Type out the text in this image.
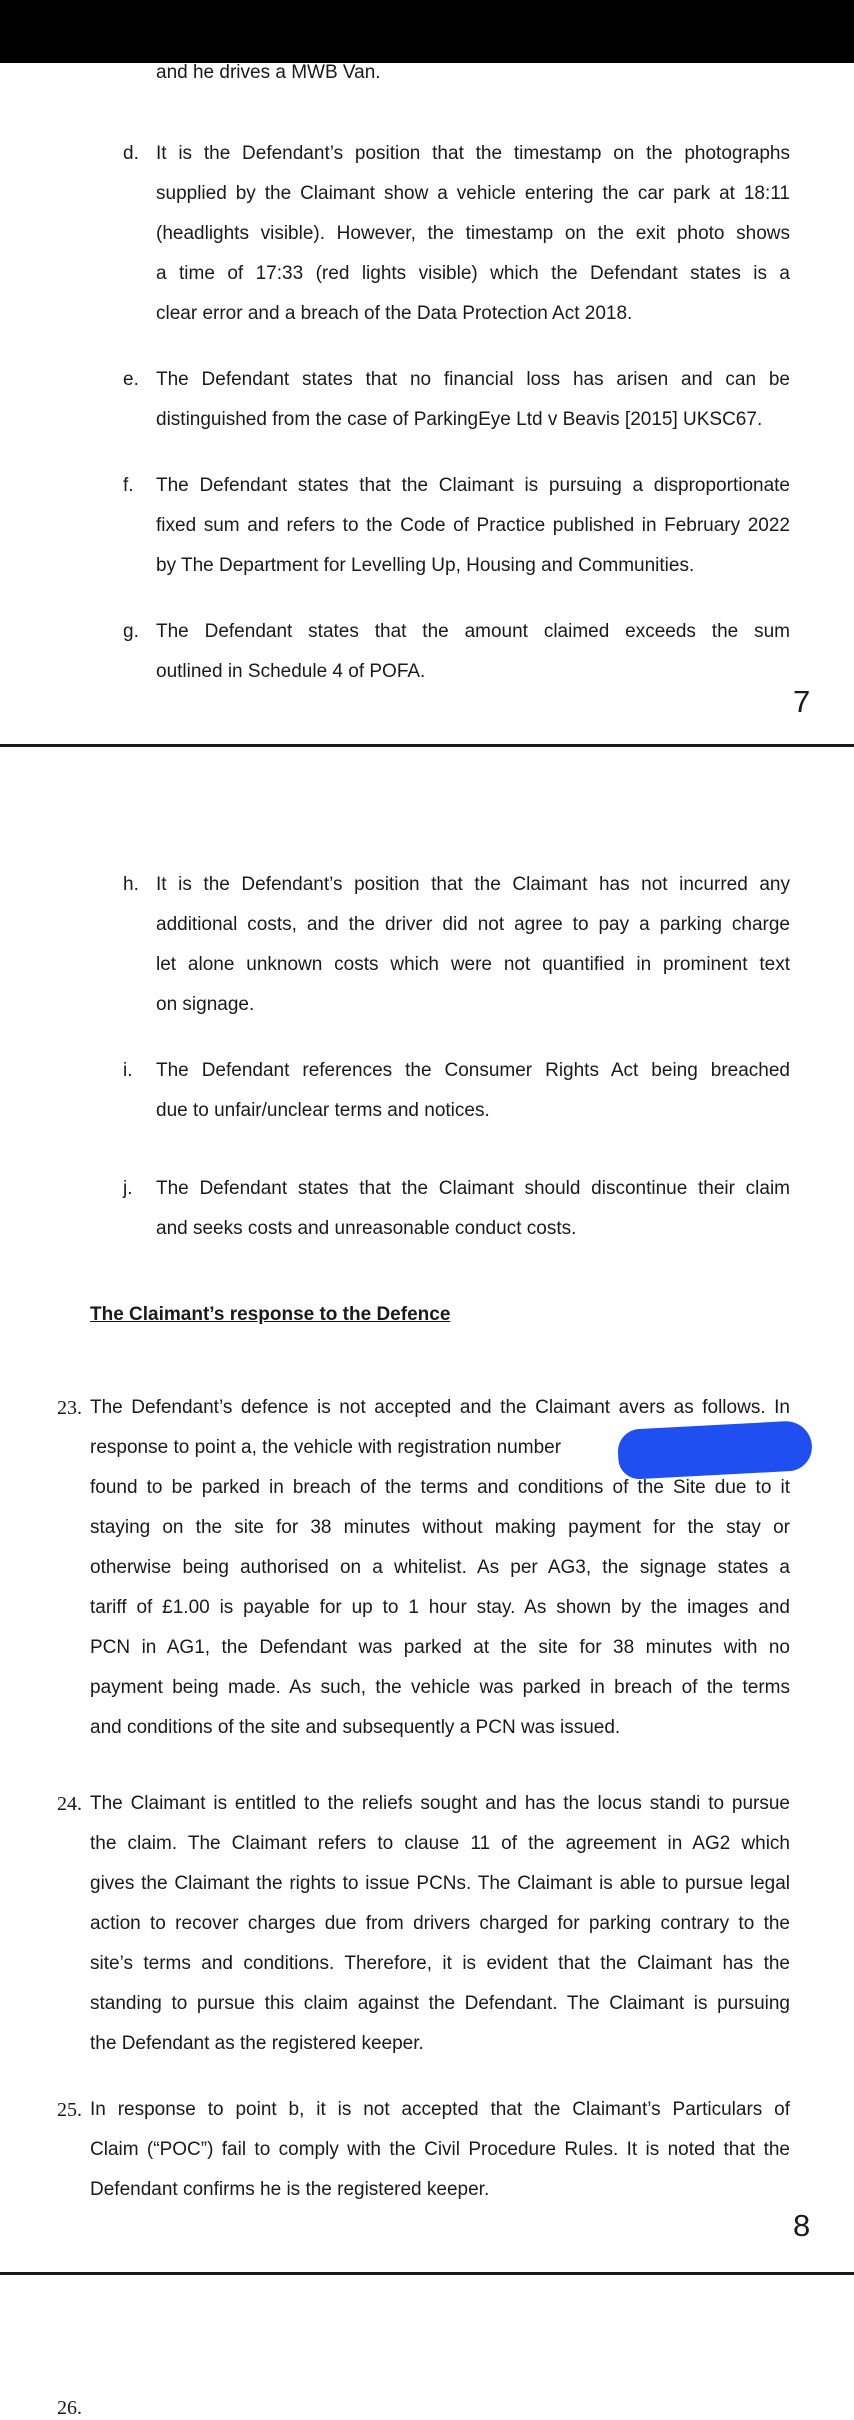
and he drives a MWB Van.
d. It is the Defendant’s position that the timestamp on the photographs
supplied by the Claimant show a vehicle entering the car park at 18:11
(headlights visible). However, the timestamp on the exit photo shows
a time of 17:33 (red lights visible) which the Defendant states is a
clear error and a breach of the Data Protection Act 2018.
e. The Defendant states that no financial loss has arisen and can be
distinguished from the case of ParkingEye Ltd v Beavis [2015] UKSC67.
f. The Defendant states that the Claimant is pursuing a disproportionate
fixed sum and refers to the Code of Practice published in February 2022
by The Department for Levelling Up, Housing and Communities.
g. The Defendant states that the amount claimed exceeds the sum
outlined in Schedule 4 of POFA.
7
h. It is the Defendant’s position that the Claimant has not incurred any
additional costs, and the driver did not agree to pay a parking charge
let alone unknown costs which were not quantified in prominent text
on signage.
i. The Defendant references the Consumer Rights Act being breached
due to unfair/unclear terms and notices.
j. The Defendant states that the Claimant should discontinue their claim
and seeks costs and unreasonable conduct costs.
The Claimant’s response to the Defence
23. The Defendant’s defence is not accepted and the Claimant avers as follows. In
response to point a, the vehicle with registration number
found to be parked in breach of the terms and conditions of the Site due to it
staying on the site for 38 minutes without making payment for the stay or
otherwise being authorised on a whitelist. As per AG3, the signage states a
tariff of £1.00 is payable for up to 1 hour stay. As shown by the images and
PCN in AG1, the Defendant was parked at the site for 38 minutes with no
payment being made. As such, the vehicle was parked in breach of the terms
and conditions of the site and subsequently a PCN was issued.
24. The Claimant is entitled to the reliefs sought and has the locus standi to pursue
the claim. The Claimant refers to clause 11 of the agreement in AG2 which
gives the Claimant the rights to issue PCNs. The Claimant is able to pursue legal
action to recover charges due from drivers charged for parking contrary to the
site’s terms and conditions. Therefore, it is evident that the Claimant has the
standing to pursue this claim against the Defendant. The Claimant is pursuing
the Defendant as the registered keeper.
25. In response to point b, it is not accepted that the Claimant’s Particulars of
Claim (“POC”) fail to comply with the Civil Procedure Rules. It is noted that the
Defendant confirms he is the registered keeper.
8
26.
